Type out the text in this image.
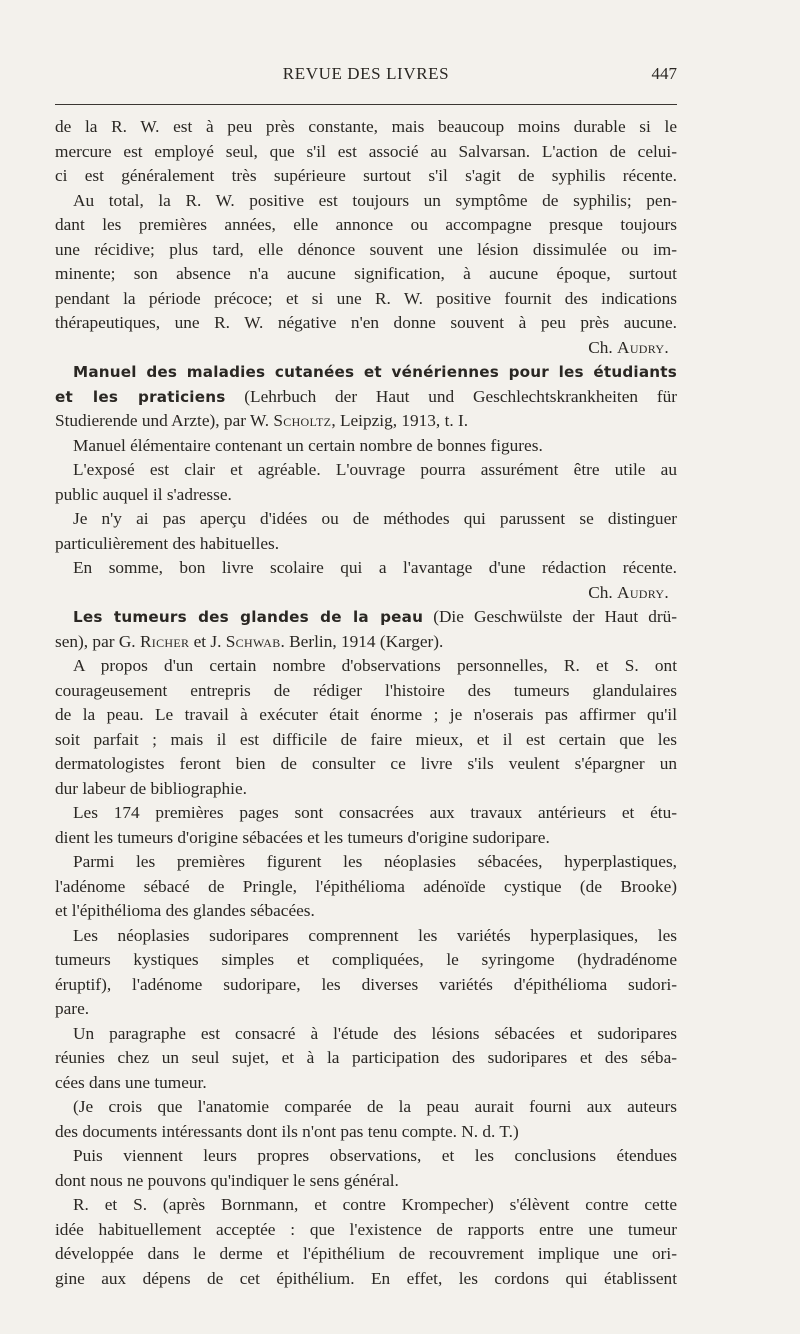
REVUE DES LIVRES	447
de la R. W. est à peu près constante, mais beaucoup moins durable si le
mercure est employé seul, que s'il est associé au Salvarsan. L'action de celui-
ci est généralement très supérieure surtout s'il s'agit de syphilis récente.
Au total, la R. W. positive est toujours un symptôme de syphilis; pen-
dant les premières années, elle annonce ou accompagne presque toujours
une récidive; plus tard, elle dénonce souvent une lésion dissimulée ou im-
minente; son absence n'a aucune signification, à aucune époque, surtout
pendant la période précoce; et si une R. W. positive fournit des indications
thérapeutiques, une R. W. négative n'en donne souvent à peu près aucune.
Ch. Audry.
Manuel des maladies cutanées et vénériennes pour les étudiants
et les praticiens (Lehrbuch der Haut und Geschlechtskrankheiten für
Studierende und Arzte), par W. Scholtz, Leipzig, 1913, t. I.
Manuel élémentaire contenant un certain nombre de bonnes figures.
L'exposé est clair et agréable. L'ouvrage pourra assurément être utile au
public auquel il s'adresse.
Je n'y ai pas aperçu d'idées ou de méthodes qui parussent se distinguer
particulièrement des habituelles.
En somme, bon livre scolaire qui a l'avantage d'une rédaction récente.
Ch. Audry.
Les tumeurs des glandes de la peau (Die Geschwülste der Haut drü-
sen), par G. Richer et J. Schwab. Berlin, 1914 (Karger).
A propos d'un certain nombre d'observations personnelles, R. et S. ont
courageusement entrepris de rédiger l'histoire des tumeurs glandulaires
de la peau. Le travail à exécuter était énorme ; je n'oserais pas affirmer qu'il
soit parfait ; mais il est difficile de faire mieux, et il est certain que les
dermatologistes feront bien de consulter ce livre s'ils veulent s'épargner un
dur labeur de bibliographie.
Les 174 premières pages sont consacrées aux travaux antérieurs et étu-
dient les tumeurs d'origine sébacées et les tumeurs d'origine sudoripare.
Parmi les premières figurent les néoplasies sébacées, hyperplastiques,
l'adénome sébacé de Pringle, l'épithélioma adénoïde cystique (de Brooke)
et l'épithélioma des glandes sébacées.
Les néoplasies sudoripares comprennent les variétés hyperplasiques, les
tumeurs kystiques simples et compliquées, le syringome (hydradénome
éruptif), l'adénome sudoripare, les diverses variétés d'épithélioma sudori-
pare.
Un paragraphe est consacré à l'étude des lésions sébacées et sudoripares
réunies chez un seul sujet, et à la participation des sudoripares et des séba-
cées dans une tumeur.
(Je crois que l'anatomie comparée de la peau aurait fourni aux auteurs
des documents intéressants dont ils n'ont pas tenu compte. N. d. T.)
Puis viennent leurs propres observations, et les conclusions étendues
dont nous ne pouvons qu'indiquer le sens général.
R. et S. (après Bornmann, et contre Krompecher) s'élèvent contre cette
idée habituellement acceptée : que l'existence de rapports entre une tumeur
développée dans le derme et l'épithélium de recouvrement implique une ori-
gine aux dépens de cet épithélium. En effet, les cordons qui établissent
